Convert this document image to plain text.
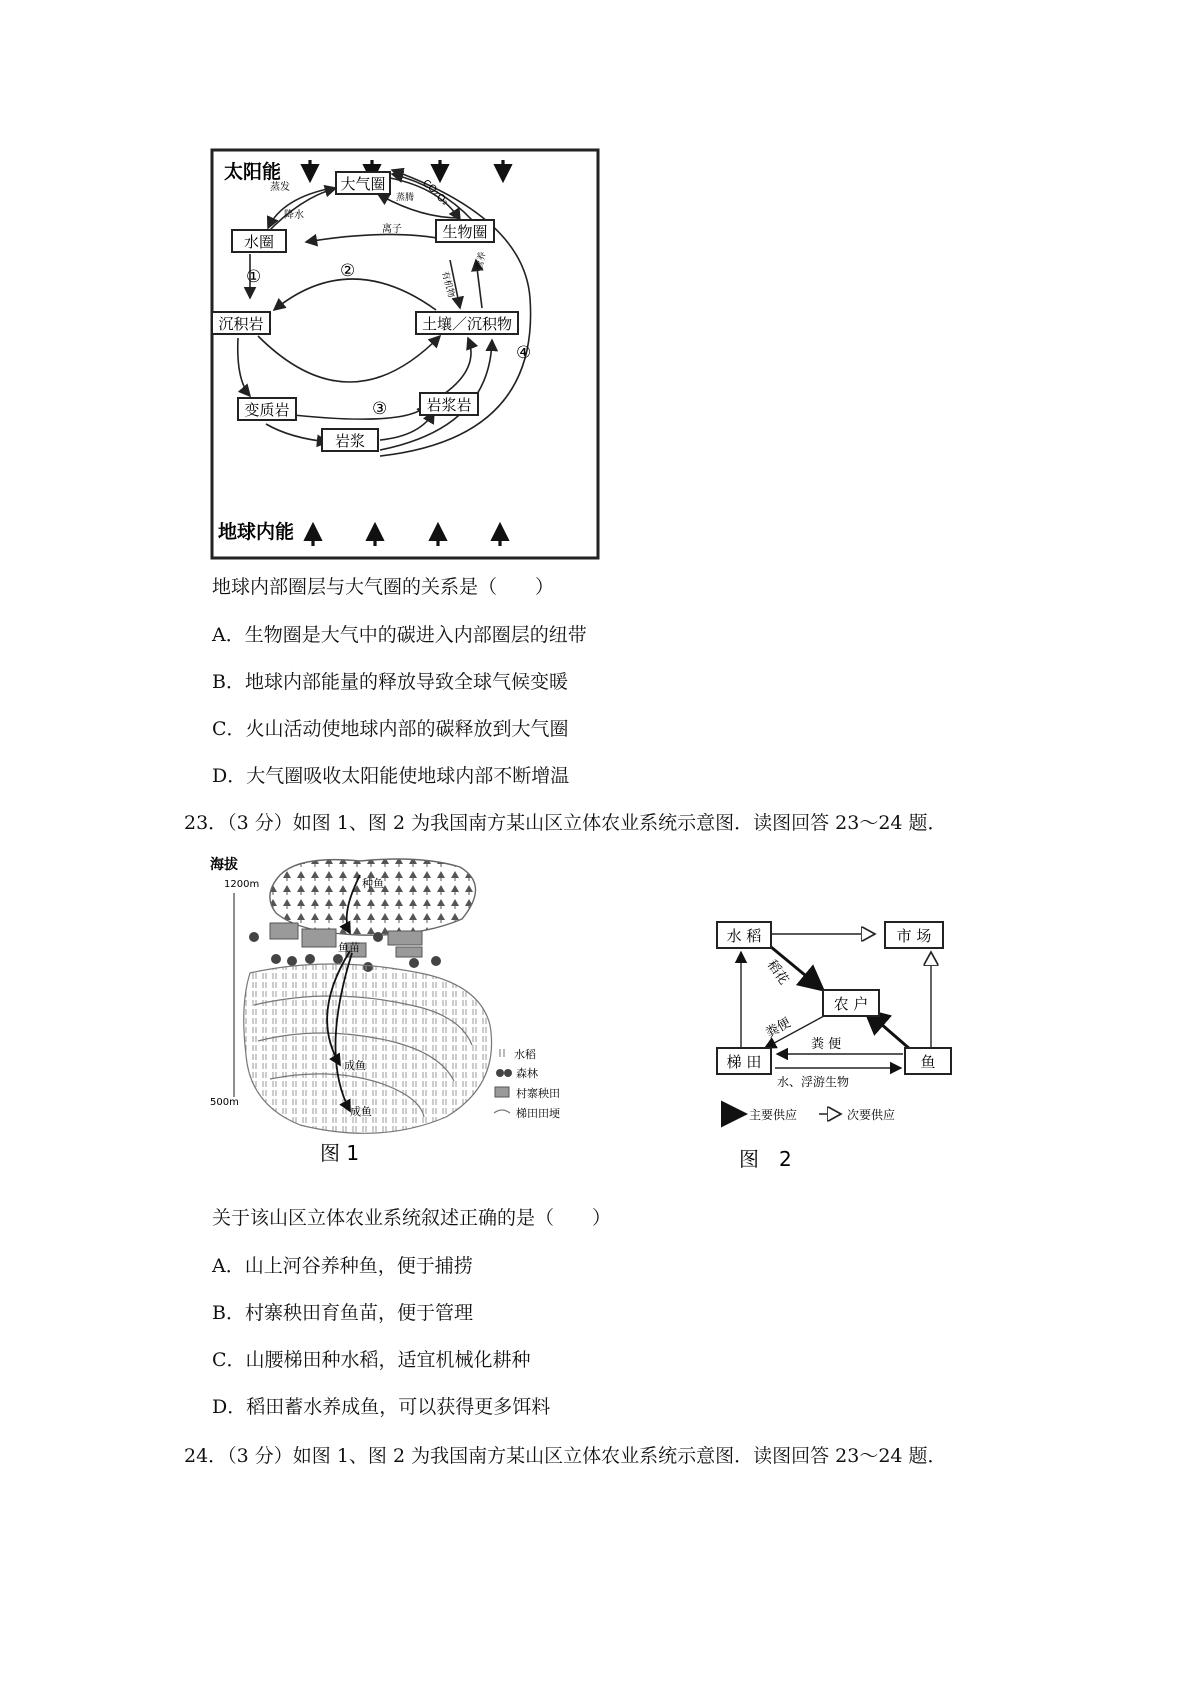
太阳能
地球内能
大气圈
水圈
生物圈
沉积岩	土壤／沉积物
变质岩	岩浆岩
岩浆
蒸发
降水
离子
蒸腾 CO₂
O₂
有机物
营养
①	②
③
④
地球内部圈层与大气圈的关系是（　　）
A．生物圈是大气中的碳进入内部圈层的纽带
B．地球内部能量的释放导致全球气候变暖
C．火山活动使地球内部的碳释放到大气圈
D．大气圈吸收太阳能使地球内部不断增温
23．（3 分）如图 1、图 2 为我国南方某山区立体农业系统示意图．读图回答 23～24 题．
海拔
1200m
500m
种鱼
鱼苗
成鱼
成鱼
水稻
森林
村寨秧田
梯田田埂
图 1
水 稻	市 场
农 户
梯 田	鱼
稻花
粪便
粪 便
水、浮游生物
主要供应	次要供应
图　2
关于该山区立体农业系统叙述正确的是（　　）
A．山上河谷养种鱼，便于捕捞
B．村寨秧田育鱼苗，便于管理
C．山腰梯田种水稻，适宜机械化耕种
D．稻田蓄水养成鱼，可以获得更多饵料
24．（3 分）如图 1、图 2 为我国南方某山区立体农业系统示意图．读图回答 23～24 题．
